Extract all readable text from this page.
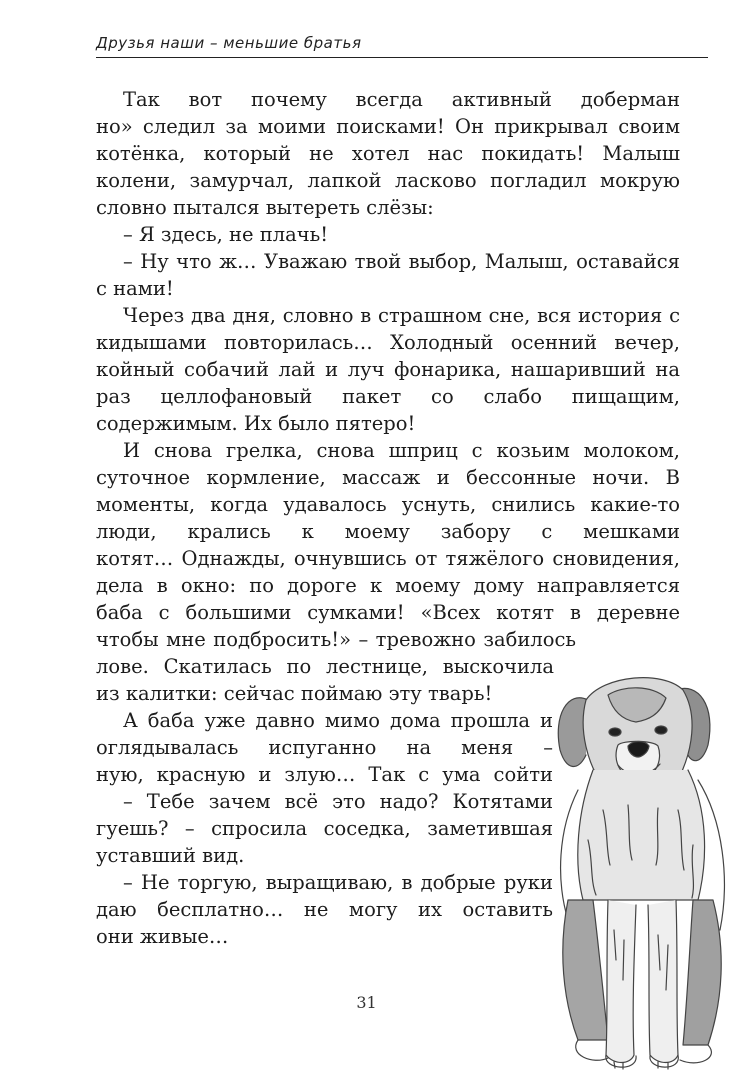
Друзья наши – меньшие братья
Так вот почему всегда активный доберман
но» следил за моими поисками! Он прикрывал своим
котёнка, который не хотел нас покидать! Малыш
колени, замурчал, лапкой ласково погладил мокрую
словно пытался вытереть слёзы:
– Я здесь, не плачь!
– Ну что ж… Уважаю твой выбор, Малыш, оставайся
с нами!
Через два дня, словно в страшном сне, вся история с
кидышами повторилась… Холодный осенний вечер,
койный собачий лай и луч фонарика, нашаривший на
раз целлофановый пакет со слабо пищащим,
содержимым. Их было пятеро!
И снова грелка, снова шприц с козьим молоком,
суточное кормление, массаж и бессонные ночи. В
моменты, когда удавалось уснуть, снились какие-то
люди, крались к моему забору с мешками
котят… Однажды, очнувшись от тяжёлого сновидения,
дела в окно: по дороге к моему дому направляется
баба с большими сумками! «Всех котят в деревне
чтобы мне подбросить!» – тревожно забилось
лове. Скатилась по лестнице, выскочила
из калитки: сейчас поймаю эту тварь!
А баба уже давно мимо дома прошла и
оглядывалась испуганно на меня –
ную, красную и злую… Так с ума сойти
– Тебе зачем всё это надо? Котятами
гуешь? – спросила соседка, заметившая
уставший вид.
– Не торгую, выращиваю, в добрые руки
даю бесплатно… не могу их оставить
они живые…
31
